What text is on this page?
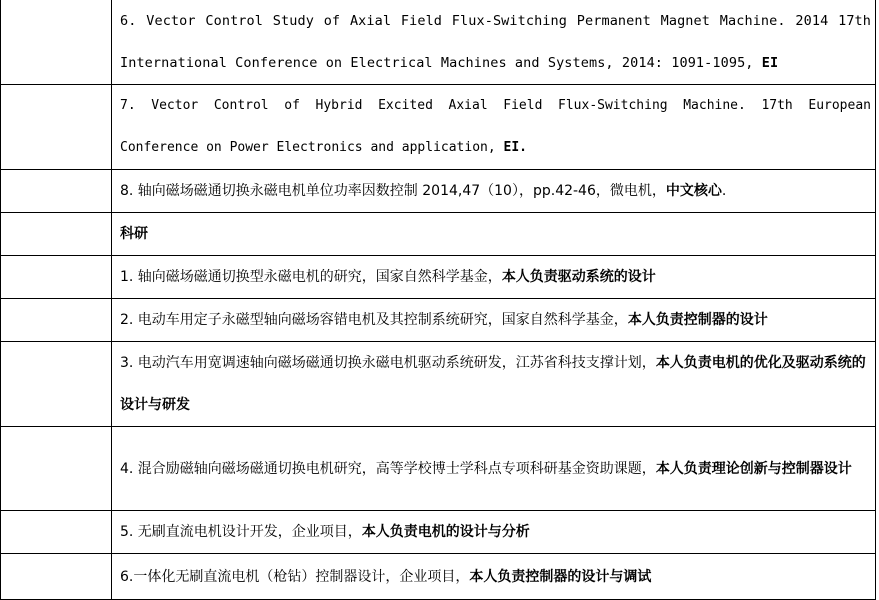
	6. Vector Control Study of Axial Field Flux-Switching Permanent Magnet Machine. 2014 17th International Conference on Electrical Machines and Systems, 2014: 1091-1095, EI

	7. Vector Control of Hybrid Excited Axial Field Flux-Switching Machine. 17th European Conference on Power Electronics and application, EI.

	8. 轴向磁场磁通切换永磁电机单位功率因数控制 2014,47（10），pp.42-46，微电机，中文核心.

	科研

	1. 轴向磁场磁通切换型永磁电机的研究，国家自然科学基金，本人负责驱动系统的设计

	2. 电动车用定子永磁型轴向磁场容错电机及其控制系统研究，国家自然科学基金，本人负责控制器的设计

	3. 电动汽车用宽调速轴向磁场磁通切换永磁电机驱动系统研发，江苏省科技支撑计划，本人负责电机的优化及驱动系统的设计与研发

	4. 混合励磁轴向磁场磁通切换电机研究，高等学校博士学科点专项科研基金资助课题，本人负责理论创新与控制器设计

	5. 无刷直流电机设计开发，企业项目，本人负责电机的设计与分析

	6.一体化无刷直流电机（枪钻）控制器设计，企业项目，本人负责控制器的设计与调试
